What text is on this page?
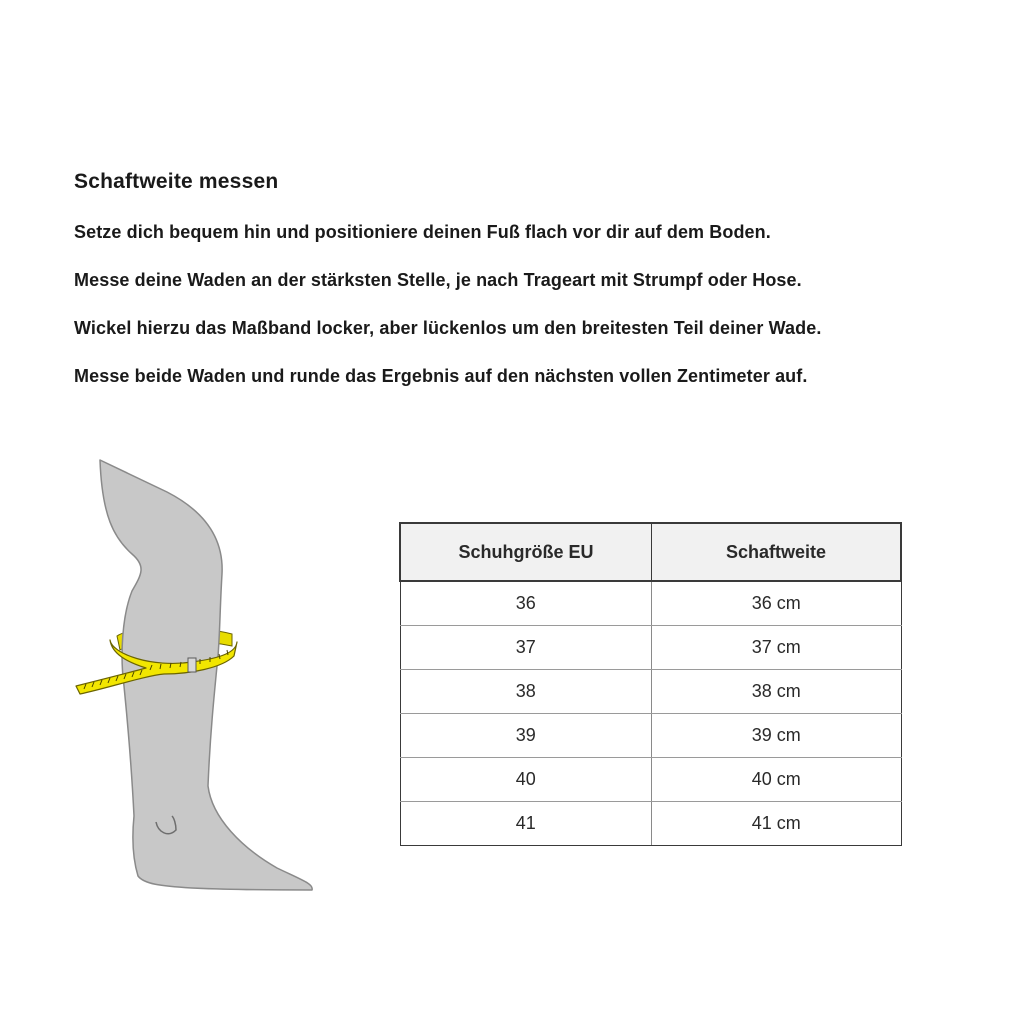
Schaftweite messen
Setze dich bequem hin und positioniere deinen Fuß flach vor dir auf dem Boden.
Messe deine Waden an der stärksten Stelle, je nach Trageart mit Strumpf oder Hose.
Wickel hierzu das Maßband locker, aber lückenlos um den breitesten Teil deiner Wade.
Messe beide Waden und runde das Ergebnis auf den nächsten vollen Zentimeter auf.
Schuhgröße EU	Schaftweite
36	36 cm
37	37 cm
38	38 cm
39	39 cm
40	40 cm
41	41 cm
